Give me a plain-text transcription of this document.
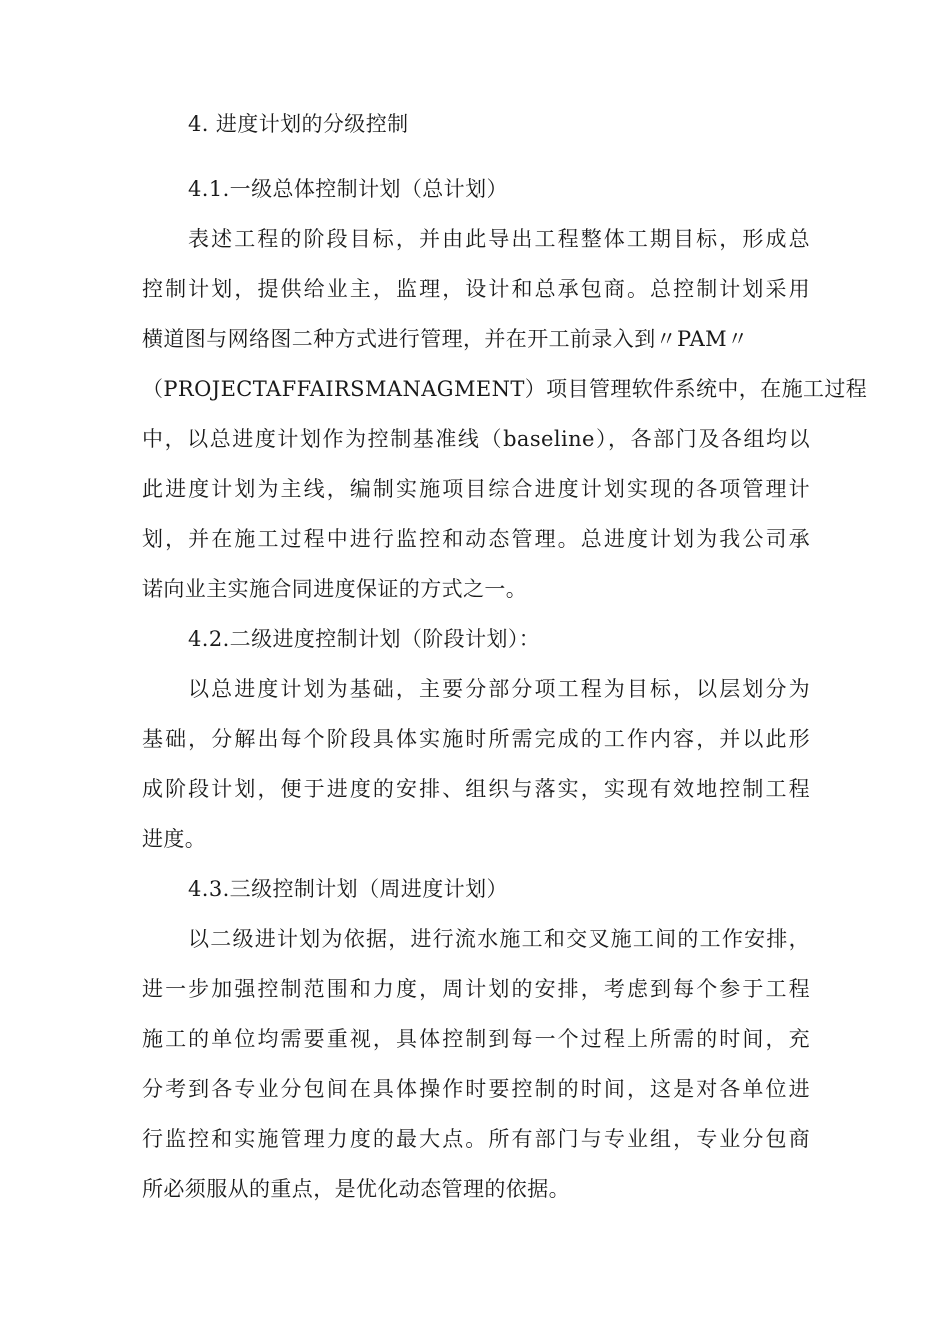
4. 进度计划的分级控制
4.1.一级总体控制计划（总计划）
表述工程的阶段目标，并由此导出工程整体工期目标，形成总
控制计划，提供给业主，监理，设计和总承包商。总控制计划采用
横道图与网络图二种方式进行管理，并在开工前录入到〃PAM〃
（PROJECTAFFAIRSMANAGMENT）项目管理软件系统中，在施工过程
中，以总进度计划作为控制基准线（baseline），各部门及各组均以
此进度计划为主线，编制实施项目综合进度计划实现的各项管理计
划，并在施工过程中进行监控和动态管理。总进度计划为我公司承
诺向业主实施合同进度保证的方式之一。
4.2.二级进度控制计划（阶段计划）：
以总进度计划为基础，主要分部分项工程为目标，以层划分为
基础，分解出每个阶段具体实施时所需完成的工作内容，并以此形
成阶段计划，便于进度的安排、组织与落实，实现有效地控制工程
进度。
4.3.三级控制计划（周进度计划）
以二级进计划为依据，进行流水施工和交叉施工间的工作安排，
进一步加强控制范围和力度，周计划的安排，考虑到每个参于工程
施工的单位均需要重视，具体控制到每一个过程上所需的时间，充
分考到各专业分包间在具体操作时要控制的时间，这是对各单位进
行监控和实施管理力度的最大点。所有部门与专业组，专业分包商
所必须服从的重点，是优化动态管理的依据。
